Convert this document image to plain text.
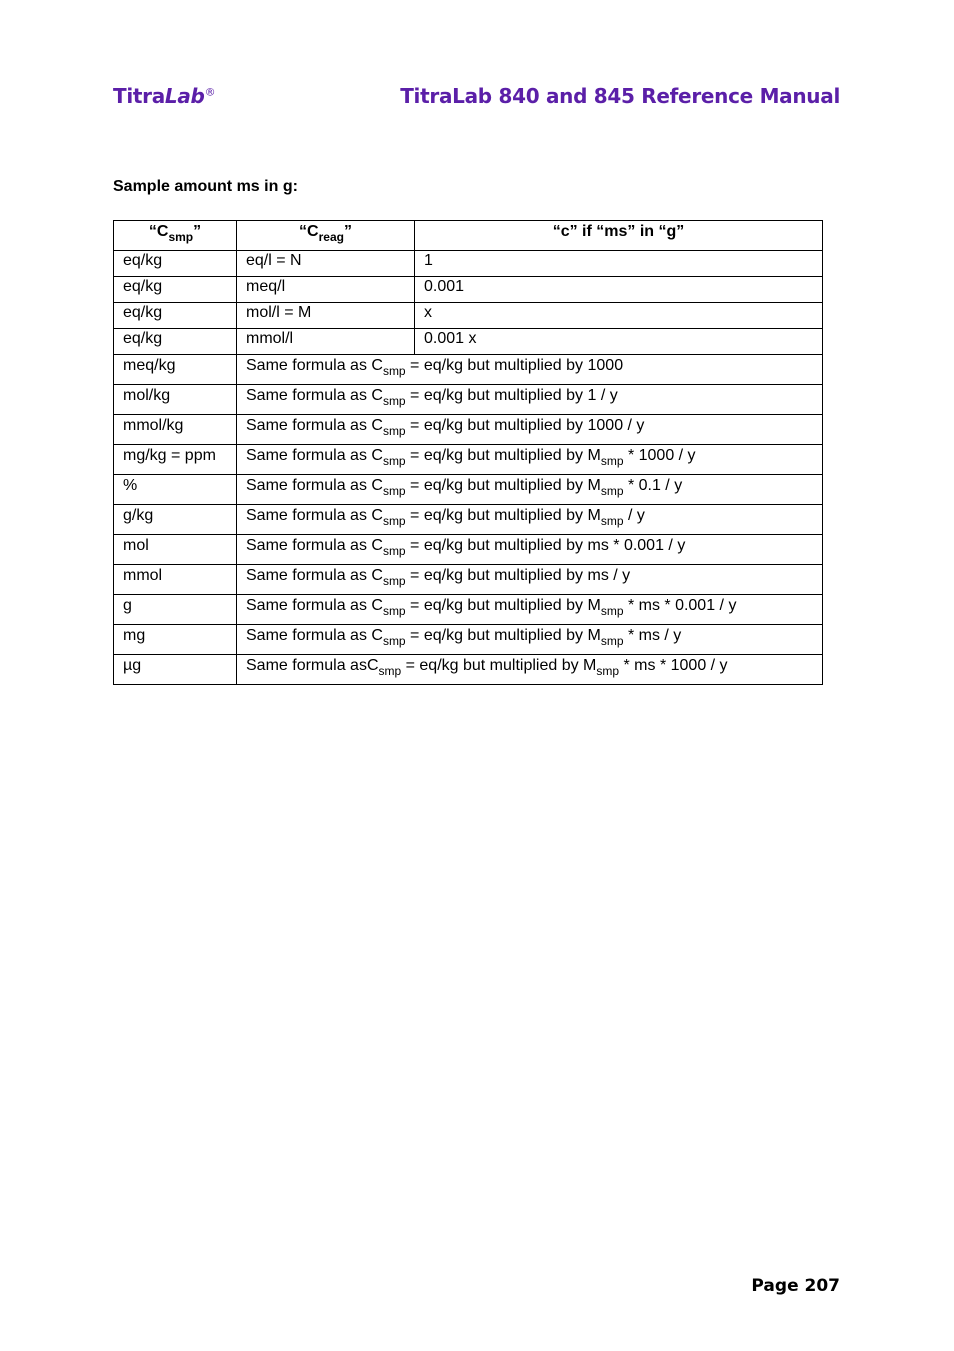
TitraLab®	TitraLab 840 and 845 Reference Manual
Sample amount ms in g:
“$C_{smp}$”	“$C_{reag}$”	“c” if “ms” in “g”
eq/kg	eq/l = N	1
eq/kg	meq/l	0.001
eq/kg	mol/l = M	x
eq/kg	mmol/l	0.001 x
meq/kg	Same formula as $C_{smp} = eq/kg$ but multiplied by 1000	
mol/kg	Same formula as $C_{smp} = eq/kg$ but multiplied by 1 / y	
mmol/kg	Same formula as $C_{smp} = eq/kg$ but multiplied by 1000 / y	
mg/kg = ppm	Same formula as $C_{smp} = eq/kg$ but multiplied by $M_{smp} * 1000$ / y	
%	Same formula as $C_{smp} = eq/kg$ but multiplied by $M_{smp} * 0.1$ / y	
g/kg	Same formula as $C_{smp} = eq/kg$ but multiplied by $M_{smp}$ / y	
mol	Same formula as $C_{smp} = eq/kg$ but multiplied by ms * 0.001 / y	
mmol	Same formula as $C_{smp} = eq/kg$ but multiplied by ms / y	
g	Same formula as $C_{smp} = eq/kg$ but multiplied by $M_{smp}$ * ms * 0.001 / y	
mg	Same formula as $C_{smp} = eq/kg$ but multiplied by $M_{smp}$ * ms / y	
µg	Same formula asC$_{smp}$ = eq/kg but multiplied by $M_{smp}$ * ms * 1000 / y	
Page 207
